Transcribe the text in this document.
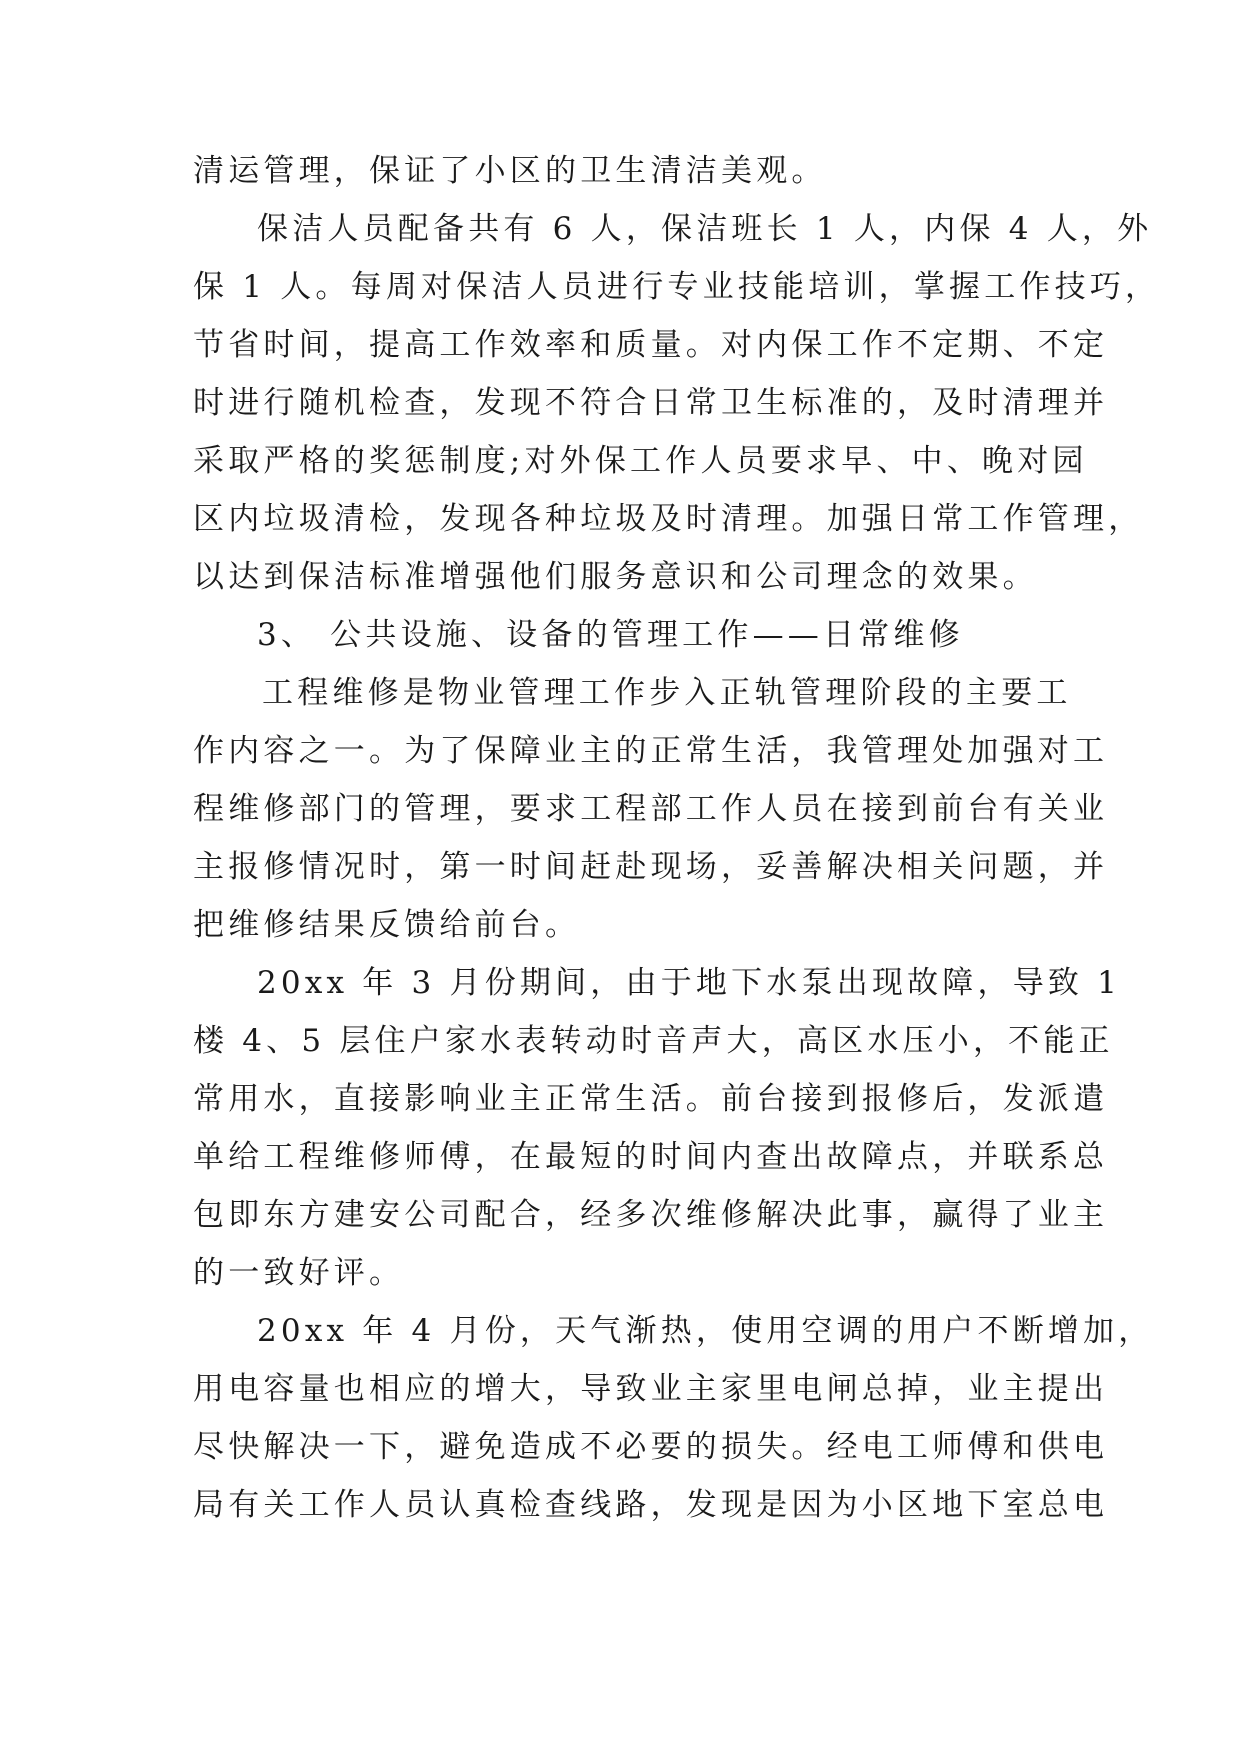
清运管理，保证了小区的卫生清洁美观。

保洁人员配备共有 6 人，保洁班长 1 人，内保 4 人，外

保 1 人。每周对保洁人员进行专业技能培训，掌握工作技巧，

节省时间，提高工作效率和质量。对内保工作不定期、不定

时进行随机检查，发现不符合日常卫生标准的，及时清理并

采取严格的奖惩制度;对外保工作人员要求早、中、晚对园

区内垃圾清检，发现各种垃圾及时清理。加强日常工作管理，

以达到保洁标准增强他们服务意识和公司理念的效果。

3、 公共设施、设备的管理工作——日常维修

工程维修是物业管理工作步入正轨管理阶段的主要工

作内容之一。为了保障业主的正常生活，我管理处加强对工

程维修部门的管理，要求工程部工作人员在接到前台有关业

主报修情况时，第一时间赶赴现场，妥善解决相关问题，并

把维修结果反馈给前台。

20xx 年 3 月份期间，由于地下水泵出现故障，导致 1

楼 4、5 层住户家水表转动时音声大，高区水压小，不能正

常用水，直接影响业主正常生活。前台接到报修后，发派遣

单给工程维修师傅，在最短的时间内查出故障点，并联系总

包即东方建安公司配合，经多次维修解决此事，赢得了业主

的一致好评。

20xx 年 4 月份，天气渐热，使用空调的用户不断增加，

用电容量也相应的增大，导致业主家里电闸总掉，业主提出

尽快解决一下，避免造成不必要的损失。经电工师傅和供电

局有关工作人员认真检查线路，发现是因为小区地下室总电
